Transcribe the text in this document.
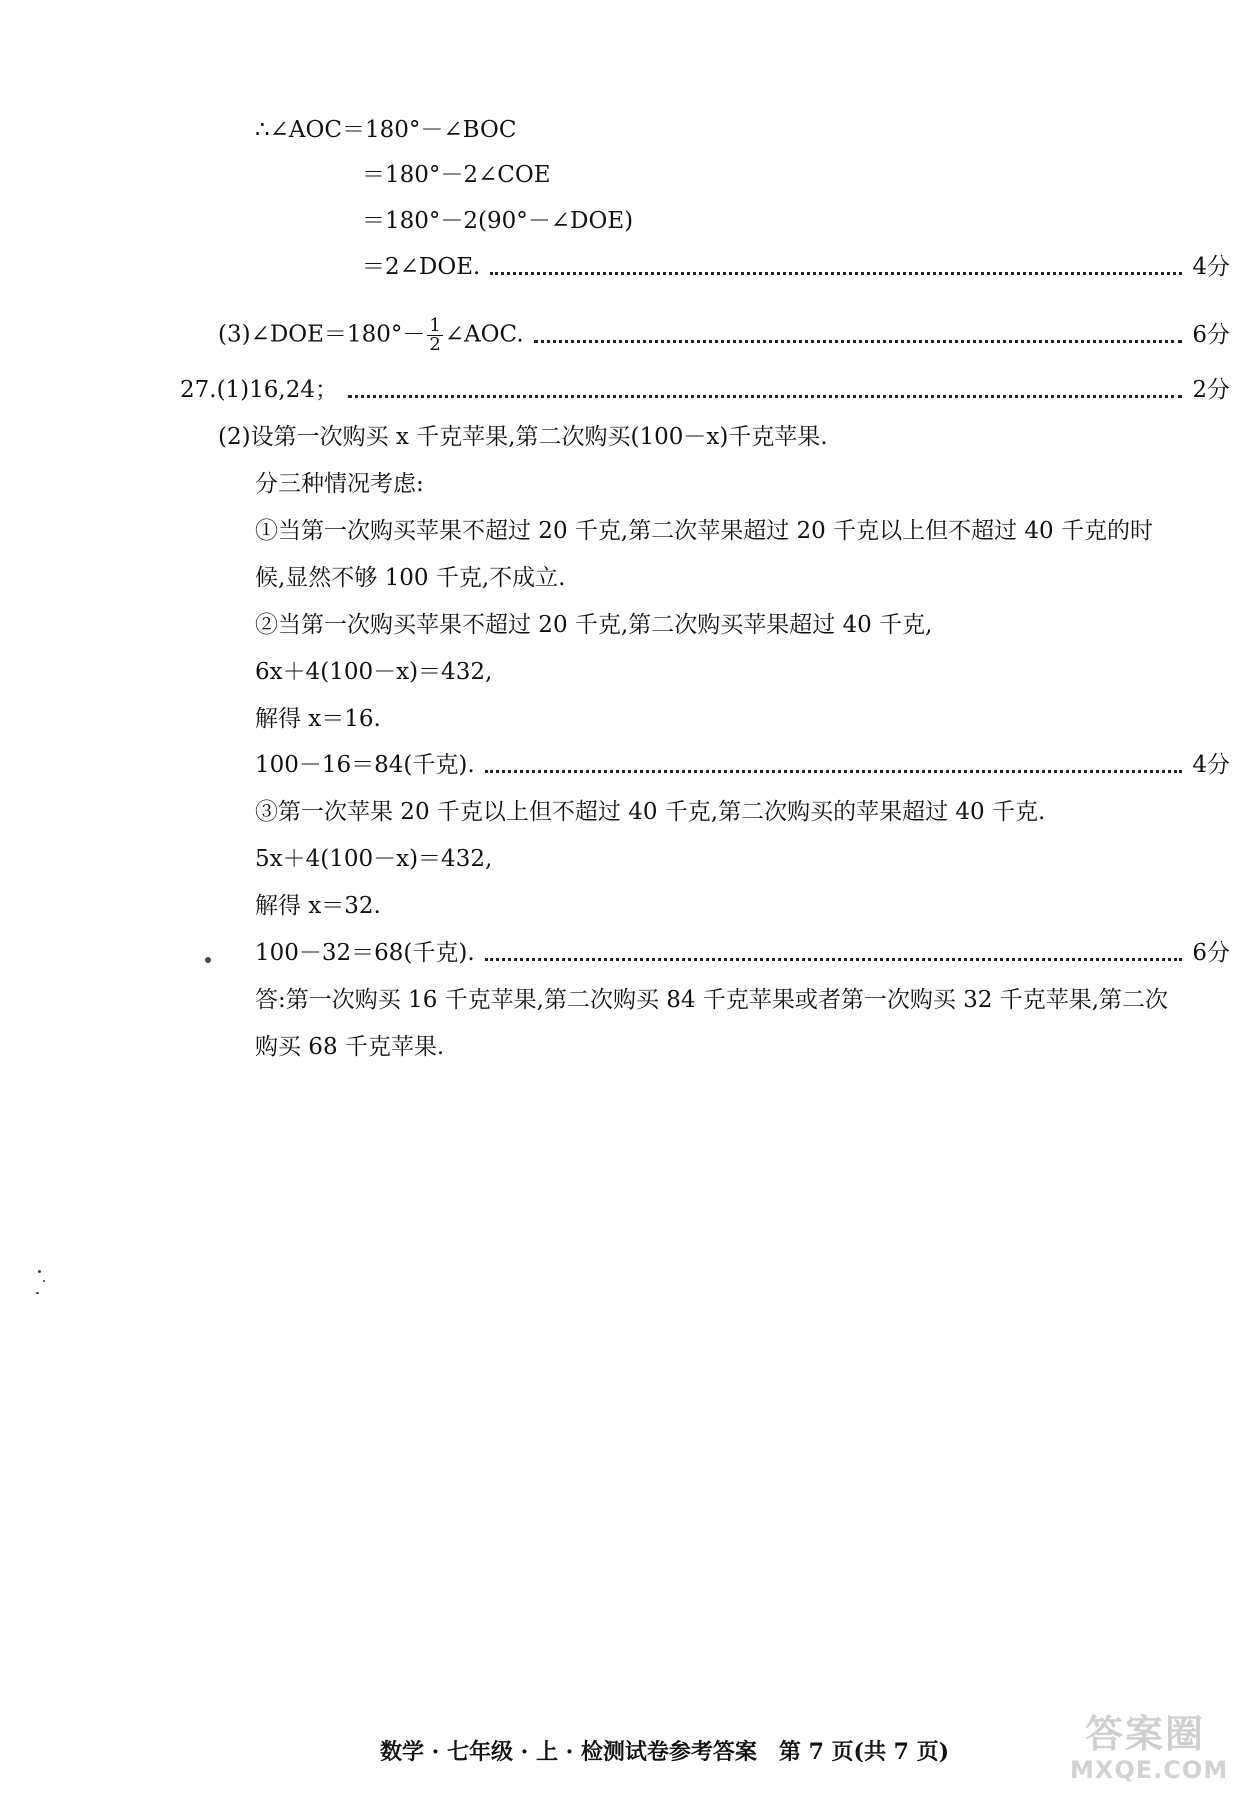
∴∠AOC＝180°－∠BOC
＝180°－2∠COE
＝180°－2(90°－∠DOE)
＝2∠DOE.	4分
(3)∠DOE＝180°－ $\frac{1}{2}$ ∠AOC.	6分
27.(1)16,24；	2分
(2)设第一次购买 x 千克苹果,第二次购买(100－x)千克苹果.
分三种情况考虑:
①当第一次购买苹果不超过 20 千克,第二次苹果超过 20 千克以上但不超过 40 千克的时
候,显然不够 100 千克,不成立.
②当第一次购买苹果不超过 20 千克,第二次购买苹果超过 40 千克,
6x＋4(100－x)＝432,
解得 x＝16.
100－16＝84(千克).	4分
③第一次苹果 20 千克以上但不超过 40 千克,第二次购买的苹果超过 40 千克.
5x＋4(100－x)＝432,
解得 x＝32.
100－32＝68(千克).	6分
答:第一次购买 16 千克苹果,第二次购买 84 千克苹果或者第一次购买 32 千克苹果,第二次
购买 68 千克苹果.
数学 · 七年级 · 上 · 检测试卷参考答案　第 7 页(共 7 页)	答案圈
MXQE.COM
